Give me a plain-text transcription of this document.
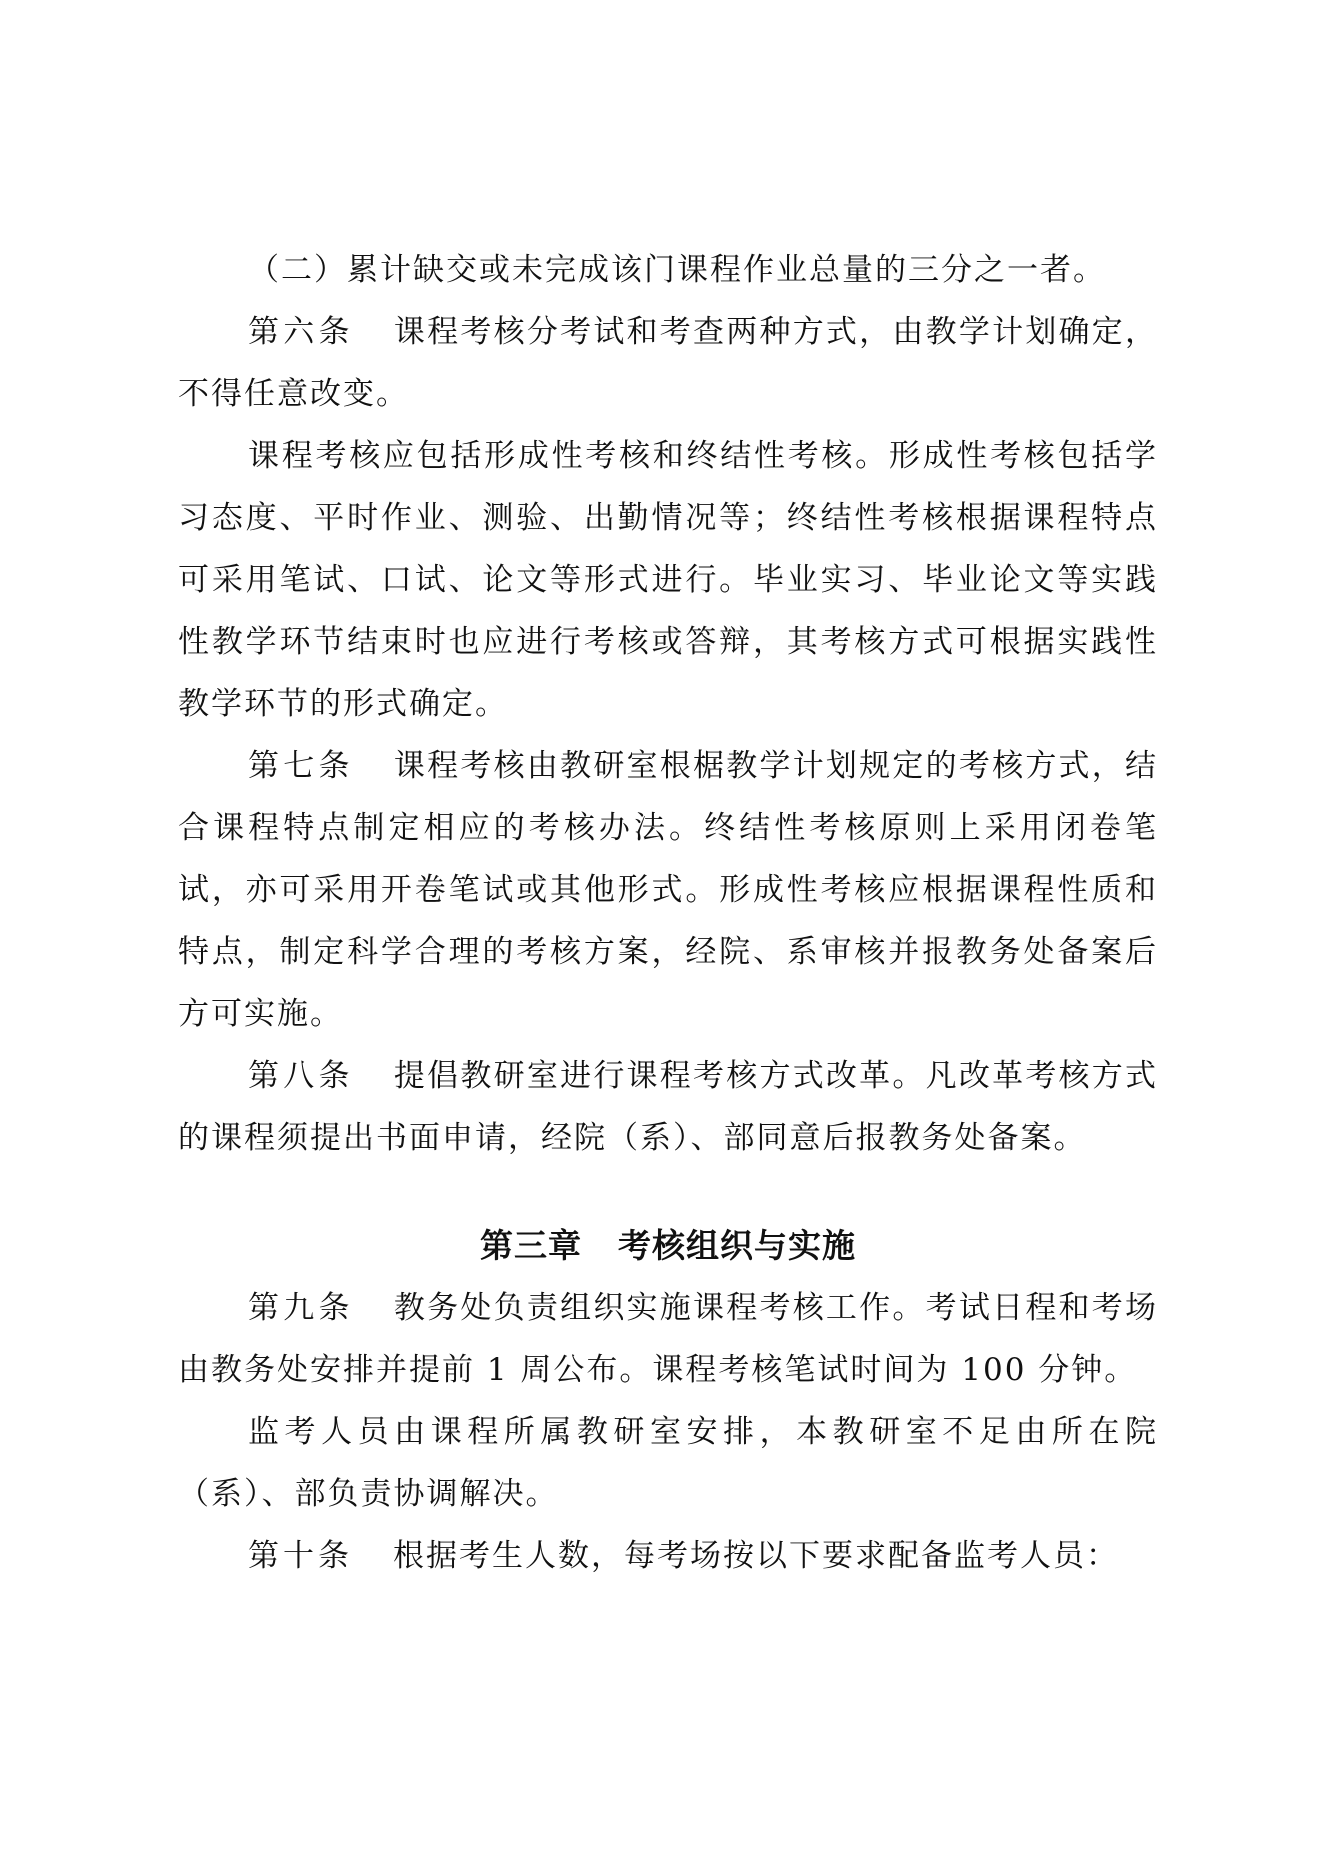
（二）累计缺交或未完成该门课程作业总量的三分之一者。

第六条 课程考核分考试和考查两种方式，由教学计划确定，不得任意改变。

课程考核应包括形成性考核和终结性考核。形成性考核包括学习态度、平时作业、测验、出勤情况等；终结性考核根据课程特点可采用笔试、口试、论文等形式进行。毕业实习、毕业论文等实践性教学环节结束时也应进行考核或答辩，其考核方式可根据实践性教学环节的形式确定。

第七条 课程考核由教研室根椐教学计划规定的考核方式，结合课程特点制定相应的考核办法。终结性考核原则上采用闭卷笔试，亦可采用开卷笔试或其他形式。形成性考核应根据课程性质和特点，制定科学合理的考核方案，经院、系审核并报教务处备案后方可实施。

第八条 提倡教研室进行课程考核方式改革。凡改革考核方式的课程须提出书面申请，经院（系）、部同意后报教务处备案。

第三章 考核组织与实施

第九条 教务处负责组织实施课程考核工作。考试日程和考场由教务处安排并提前 1 周公布。课程考核笔试时间为 100 分钟。

监考人员由课程所属教研室安排，本教研室不足由所在院（系）、部负责协调解决。

第十条 根据考生人数，每考场按以下要求配备监考人员：
